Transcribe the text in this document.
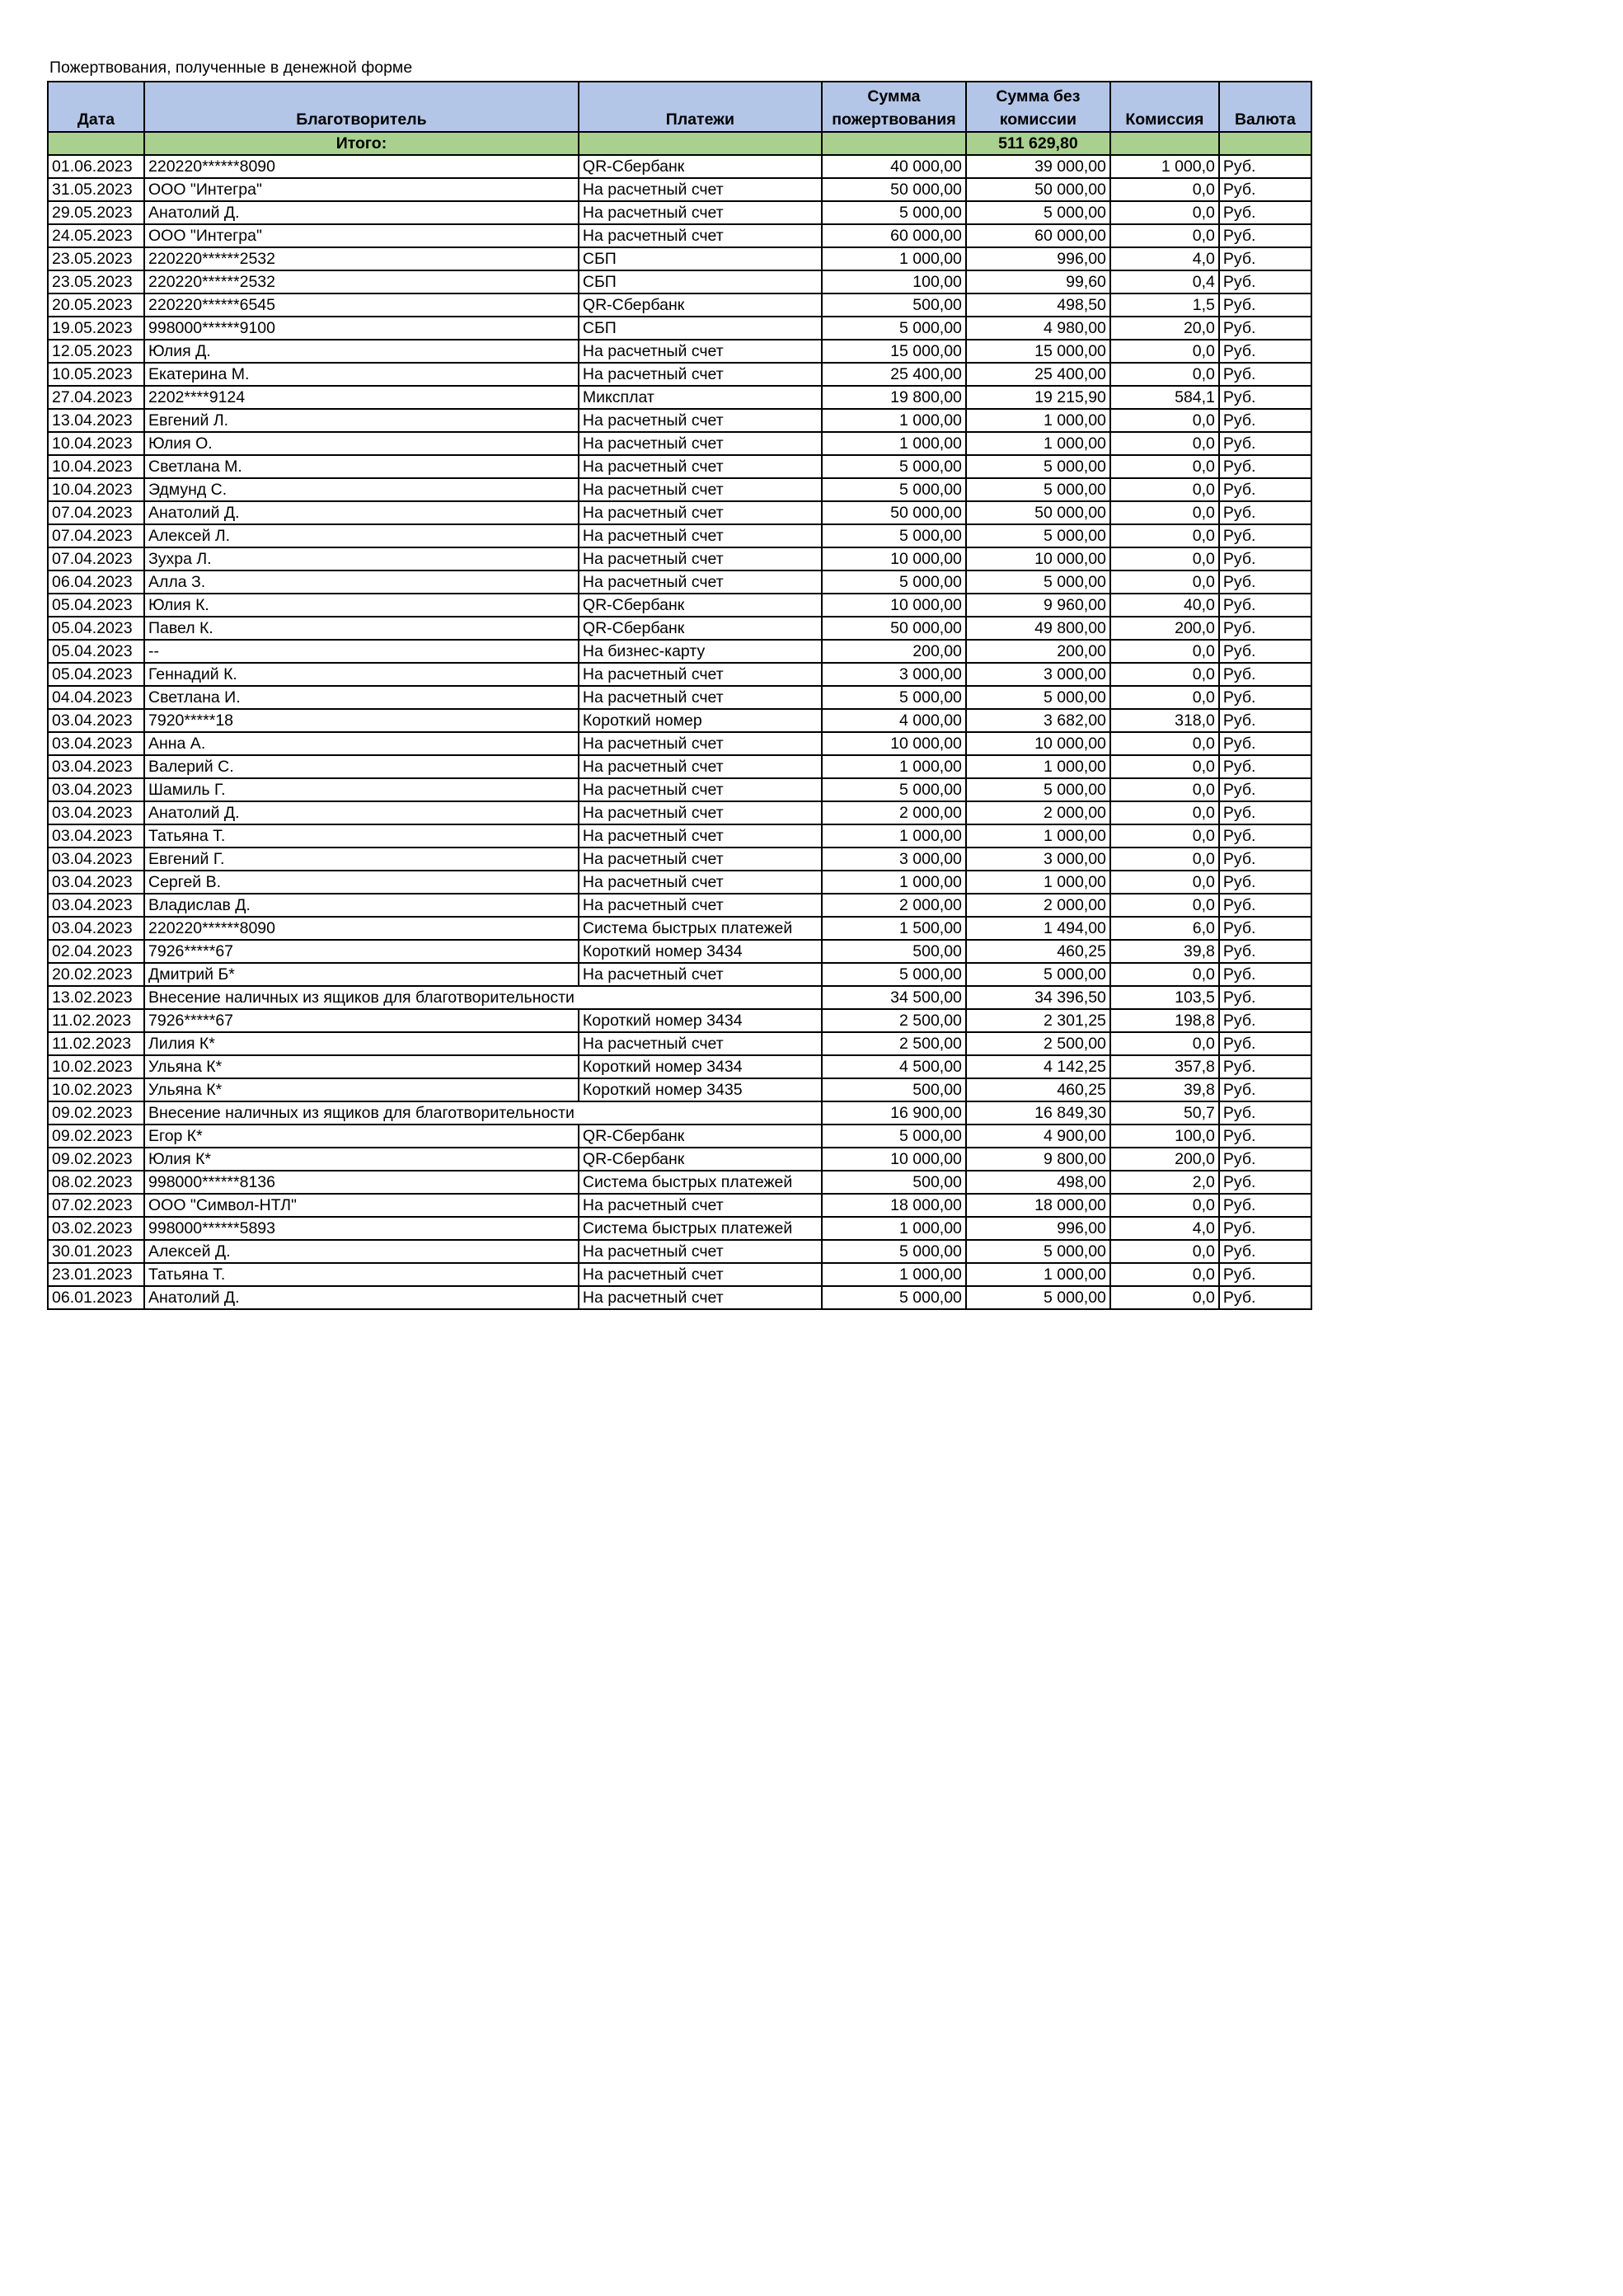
Пожертвования, полученные в денежной форме
Дата	Благотворитель	Платежи	Сумма пожертвования	Сумма без комиссии	Комиссия	Валюта
	Итого:			511 629,80		
01.06.2023	220220******8090	QR-Сбербанк	40 000,00	39 000,00	1 000,0	Руб.
31.05.2023	ООО "Интегра"	На расчетный счет	50 000,00	50 000,00	0,0	Руб.
29.05.2023	Анатолий Д.	На расчетный счет	5 000,00	5 000,00	0,0	Руб.
24.05.2023	ООО "Интегра"	На расчетный счет	60 000,00	60 000,00	0,0	Руб.
23.05.2023	220220******2532	СБП	1 000,00	996,00	4,0	Руб.
23.05.2023	220220******2532	СБП	100,00	99,60	0,4	Руб.
20.05.2023	220220******6545	QR-Сбербанк	500,00	498,50	1,5	Руб.
19.05.2023	998000******9100	СБП	5 000,00	4 980,00	20,0	Руб.
12.05.2023	Юлия Д.	На расчетный счет	15 000,00	15 000,00	0,0	Руб.
10.05.2023	Екатерина М.	На расчетный счет	25 400,00	25 400,00	0,0	Руб.
27.04.2023	2202****9124	Миксплат	19 800,00	19 215,90	584,1	Руб.
13.04.2023	Евгений Л.	На расчетный счет	1 000,00	1 000,00	0,0	Руб.
10.04.2023	Юлия О.	На расчетный счет	1 000,00	1 000,00	0,0	Руб.
10.04.2023	Светлана М.	На расчетный счет	5 000,00	5 000,00	0,0	Руб.
10.04.2023	Эдмунд С.	На расчетный счет	5 000,00	5 000,00	0,0	Руб.
07.04.2023	Анатолий Д.	На расчетный счет	50 000,00	50 000,00	0,0	Руб.
07.04.2023	Алексей Л.	На расчетный счет	5 000,00	5 000,00	0,0	Руб.
07.04.2023	Зухра Л.	На расчетный счет	10 000,00	10 000,00	0,0	Руб.
06.04.2023	Алла З.	На расчетный счет	5 000,00	5 000,00	0,0	Руб.
05.04.2023	Юлия К.	QR-Сбербанк	10 000,00	9 960,00	40,0	Руб.
05.04.2023	Павел К.	QR-Сбербанк	50 000,00	49 800,00	200,0	Руб.
05.04.2023	--	На бизнес-карту	200,00	200,00	0,0	Руб.
05.04.2023	Геннадий К.	На расчетный счет	3 000,00	3 000,00	0,0	Руб.
04.04.2023	Светлана И.	На расчетный счет	5 000,00	5 000,00	0,0	Руб.
03.04.2023	7920*****18	Короткий номер	4 000,00	3 682,00	318,0	Руб.
03.04.2023	Анна А.	На расчетный счет	10 000,00	10 000,00	0,0	Руб.
03.04.2023	Валерий С.	На расчетный счет	1 000,00	1 000,00	0,0	Руб.
03.04.2023	Шамиль Г.	На расчетный счет	5 000,00	5 000,00	0,0	Руб.
03.04.2023	Анатолий Д.	На расчетный счет	2 000,00	2 000,00	0,0	Руб.
03.04.2023	Татьяна Т.	На расчетный счет	1 000,00	1 000,00	0,0	Руб.
03.04.2023	Евгений Г.	На расчетный счет	3 000,00	3 000,00	0,0	Руб.
03.04.2023	Сергей В.	На расчетный счет	1 000,00	1 000,00	0,0	Руб.
03.04.2023	Владислав Д.	На расчетный счет	2 000,00	2 000,00	0,0	Руб.
03.04.2023	220220******8090	Система быстрых платежей	1 500,00	1 494,00	6,0	Руб.
02.04.2023	7926*****67	Короткий номер 3434	500,00	460,25	39,8	Руб.
20.02.2023	Дмитрий Б*	На расчетный счет	5 000,00	5 000,00	0,0	Руб.
13.02.2023	Внесение наличных из ящиков для благотворительности		34 500,00	34 396,50	103,5	Руб.
11.02.2023	7926*****67	Короткий номер 3434	2 500,00	2 301,25	198,8	Руб.
11.02.2023	Лилия К*	На расчетный счет	2 500,00	2 500,00	0,0	Руб.
10.02.2023	Ульяна К*	Короткий номер 3434	4 500,00	4 142,25	357,8	Руб.
10.02.2023	Ульяна К*	Короткий номер 3435	500,00	460,25	39,8	Руб.
09.02.2023	Внесение наличных из ящиков для благотворительности		16 900,00	16 849,30	50,7	Руб.
09.02.2023	Егор К*	QR-Сбербанк	5 000,00	4 900,00	100,0	Руб.
09.02.2023	Юлия К*	QR-Сбербанк	10 000,00	9 800,00	200,0	Руб.
08.02.2023	998000******8136	Система быстрых платежей	500,00	498,00	2,0	Руб.
07.02.2023	ООО "Символ-НТЛ"	На расчетный счет	18 000,00	18 000,00	0,0	Руб.
03.02.2023	998000******5893	Система быстрых платежей	1 000,00	996,00	4,0	Руб.
30.01.2023	Алексей Д.	На расчетный счет	5 000,00	5 000,00	0,0	Руб.
23.01.2023	Татьяна Т.	На расчетный счет	1 000,00	1 000,00	0,0	Руб.
06.01.2023	Анатолий Д.	На расчетный счет	5 000,00	5 000,00	0,0	Руб.
